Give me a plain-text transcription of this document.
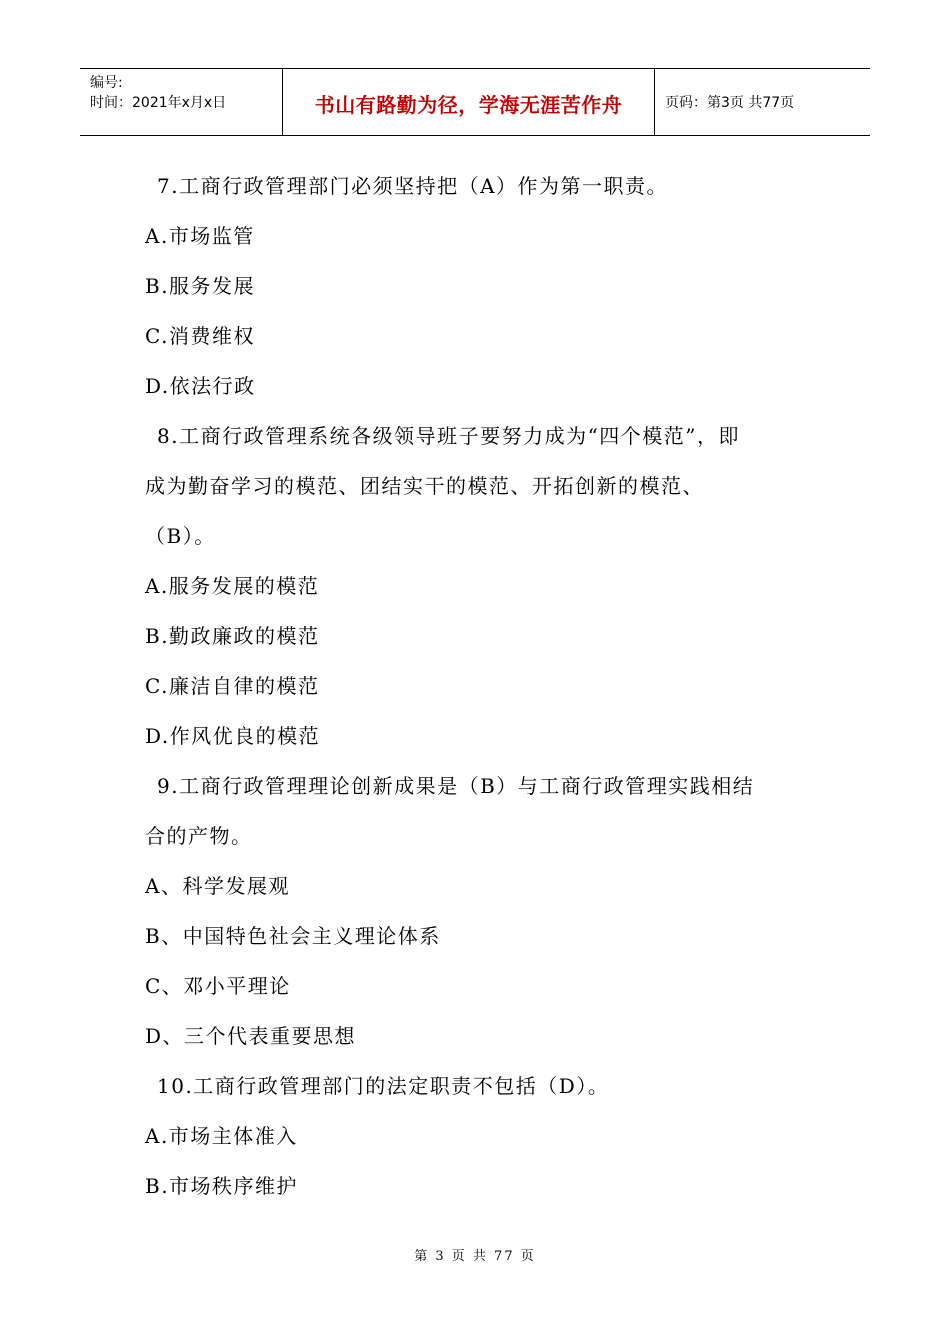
编号:
时间：2021年x月x日	书山有路勤为径，学海无涯苦作舟	页码：第3页 共77页
7.工商行政管理部门必须坚持把（A）作为第一职责。
A.市场监管
B.服务发展
C.消费维权
D.依法行政
8.工商行政管理系统各级领导班子要努力成为“四个模范”，即
成为勤奋学习的模范、团结实干的模范、开拓创新的模范、
（B）。
A.服务发展的模范
B.勤政廉政的模范
C.廉洁自律的模范
D.作风优良的模范
9.工商行政管理理论创新成果是（B）与工商行政管理实践相结
合的产物。
A、科学发展观
B、中国特色社会主义理论体系
C、邓小平理论
D、三个代表重要思想
10.工商行政管理部门的法定职责不包括（D）。
A.市场主体准入
B.市场秩序维护
第 3 页 共 77 页
